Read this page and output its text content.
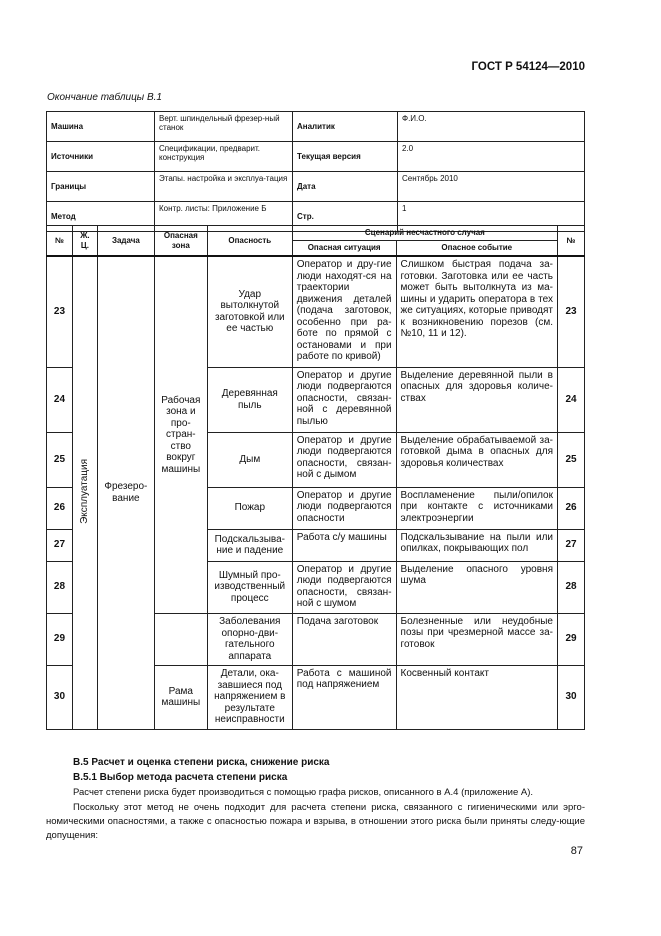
ГОСТ Р 54124—2010
Окончание таблицы B.1
Машина	Верт. шпиндельный фрезер-ный станок	Аналитик	Ф.И.О.
Источники	Спецификации, предварит. конструкция	Текущая версия	2.0
Границы	Этапы. настройка и эксплуа-тация	Дата	Сентябрь 2010
Метод	Контр. листы: Приложение Б	Стр.	1
№	Ж. Ц.	Задача	Опасная зона	Опасность	Сценарий несчастного случая		№
					Опасная ситуация	Опасное событие	
23	Эксплуатация	Фрезеро-вание	Рабочая зона и про-стран-ство вокруг машины	Удар вытолкнутой заготовкой или ее частью	Оператор и дру-гие люди находят-ся на траектории движения деталей (подача заготовок, особенно при ра-боте по прямой с остановами и при работе по кривой)	Слишком быстрая подача за-готовки. Заготовка или ее часть может быть вытолкнута из ма-шины и ударить оператора в тех же ситуациях, которые приводят к возникновению порезов (см. №10, 11 и 12).	23
24				Деревянная пыль	Оператор и другие люди подвергаются опасности, связан-ной с деревянной пылью	Выделение деревянной пыли в опасных для здоровья количе-ствах	24
25				Дым	Оператор и другие люди подвергаются опасности, связан-ной с дымом	Выделение обрабатываемой за-готовкой дыма в опасных для здоровья количествах	25
26				Пожар	Оператор и другие люди подвергаются опасности	Воспламенение пыли/опилок при контакте с источниками электроэнергии	26
27				Подскальзыва-ние и падение	Работа с/у машины	Подскальзывание на пыли или опилках, покрывающих пол	27
28				Шумный про-изводственный процесс	Оператор и другие люди подвергаются опасности, связан-ной с шумом	Выделение опасного уровня шума	28
29				Заболевания опорно-дви-гательного аппарата	Подача заготовок	Болезненные или неудобные позы при чрезмерной массе за-готовок	29
30			Рама машины	Детали, ока-завшиеся под напряжением в результате неисправности	Работа с машиной под напряжением	Косвенный контакт	30
В.5 Расчет и оценка степени риска, снижение риска
В.5.1 Выбор метода расчета степени риска
Расчет степени риска будет производиться с помощью графа рисков, описанного в А.4 (приложение А).
Поскольку этот метод не очень подходит для расчета степени риска, связанного с гигиеническими или эрго-номическими опасностями, а также с опасностью пожара и взрыва, в отношении этого риска были приняты следу-ющие допущения:
87
